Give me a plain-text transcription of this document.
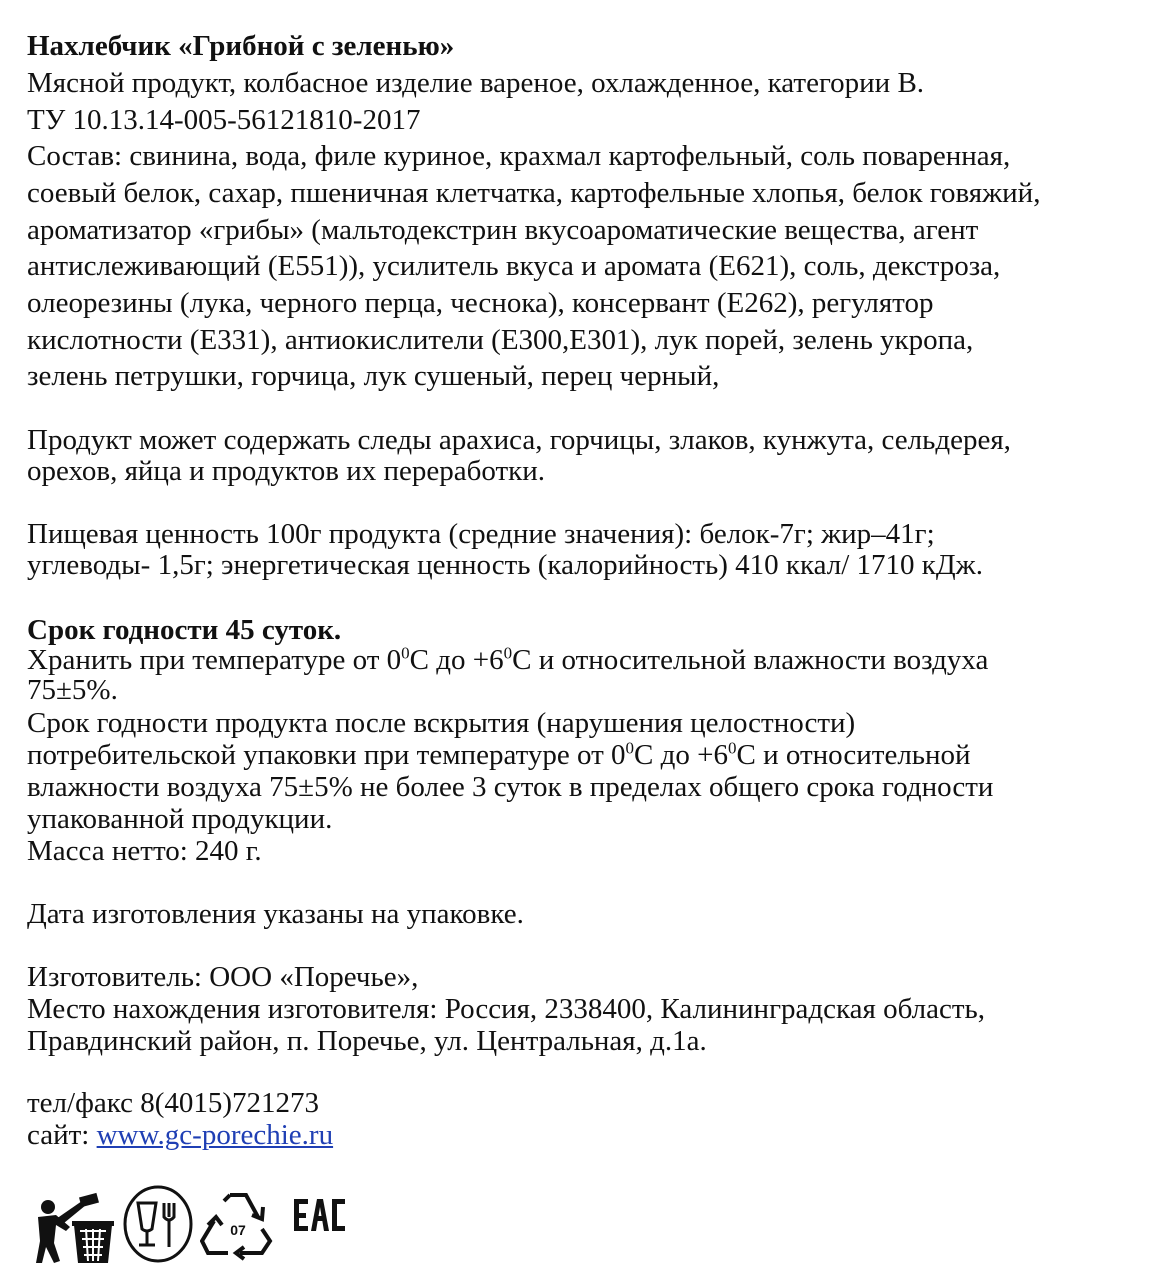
Нахлебчик «Грибной с зеленью»
Мясной продукт, колбасное изделие вареное, охлажденное, категории В.
ТУ 10.13.14-005-56121810-2017
Состав: свинина, вода, филе куриное, крахмал картофельный, соль поваренная,
соевый белок, сахар, пшеничная клетчатка, картофельные хлопья, белок говяжий,
ароматизатор «грибы» (мальтодекстрин вкусоароматические вещества, агент
антислеживающий (Е551)), усилитель вкуса и аромата (Е621), соль, декстроза,
олеорезины (лука, черного перца, чеснока), консервант (Е262), регулятор
кислотности (Е331), антиокислители (Е300,Е301), лук порей, зелень укропа,
зелень петрушки, горчица, лук сушеный, перец черный,
Продукт может содержать следы арахиса, горчицы, злаков, кунжута, сельдерея,
орехов, яйца и продуктов их переработки.
Пищевая ценность 100г продукта (средние значения): белок-7г; жир–41г;
углеводы- 1,5г; энергетическая ценность (калорийность) 410 ккал/ 1710 кДж.
Срок годности 45 суток.
Хранить при температуре от $0^0С$ до $+6^0С$ и относительной влажности воздуха
75±5%.
Срок годности продукта после вскрытия (нарушения целостности)
потребительской упаковки при температуре от $0^0С$ до $+6^0С$ и относительной
влажности воздуха 75±5% не более 3 суток в пределах общего срока годности
упакованной продукции.
Масса нетто: 240 г.
Дата изготовления указаны на упаковке.
Изготовитель: ООО «Поречье»,
Место нахождения изготовителя: Россия, 2338400, Калининградская область,
Правдинский район, п. Поречье, ул. Центральная, д.1а.
тел/факс 8(4015)721273
сайт: www.gc-porechie.ru
07
